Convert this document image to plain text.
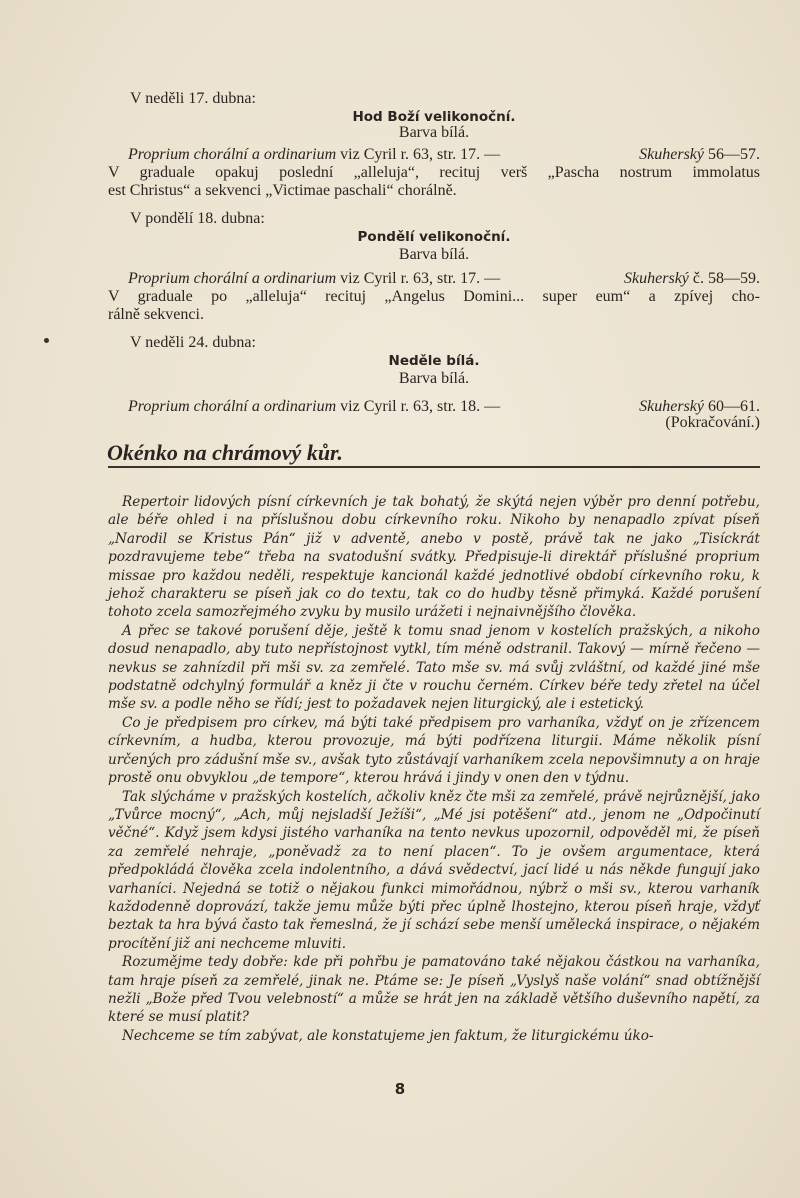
V neděli 17. dubna:
Hod Boží velikonoční.
Barva bílá.
Proprium chorální a ordinarium viz Cyril r. 63, str. 17. —	Skuherský 56—57.
V graduale opakuj poslední „alleluja“, recituj verš „Pascha nostrum immolatus
est Christus“ a sekvenci „Victimae paschali“ chorálně.
V pondělí 18. dubna:
Pondělí velikonoční.
Barva bílá.
Proprium chorální a ordinarium viz Cyril r. 63, str. 17. —	Skuherský č. 58—59.
V graduale po „alleluja“ recituj „Angelus Domini... super eum“ a zpívej cho-
rálně sekvenci.
V neděli 24. dubna:
Neděle bílá.
Barva bílá.
Proprium chorální a ordinarium viz Cyril r. 63, str. 18. —	Skuherský 60—61.
(Pokračování.)
Okénko na chrámový kůr.

Repertoir lidových písní církevních je tak bohatý, že skýtá nejen výběr pro denní potřebu, ale béře ohled i na příslušnou dobu církevního roku. Nikoho by nenapadlo zpívat píseň „Narodil se Kristus Pán“ již v adventě, anebo v postě, právě tak ne jako „Tisíckrát pozdravujeme tebe“ třeba na svatodušní svátky. Předpisuje-li direktář příslušné proprium missae pro každou neděli, respektuje kancionál každé jednotlivé období církevního roku, k jehož charakteru se píseň jak co do textu, tak co do hudby těsně přimyká. Každé porušení tohoto zcela samozřejmého zvyku by musilo urážeti i nejnaivnějšího člověka.

A přec se takové porušení děje, ještě k tomu snad jenom v kostelích pražských, a nikoho dosud nenapadlo, aby tuto nepřístojnost vytkl, tím méně odstranil. Takový — mírně řečeno — nevkus se zahnízdil při mši sv. za zemřelé. Tato mše sv. má svůj zvláštní, od každé jiné mše podstatně odchylný formulář a kněz ji čte v rouchu černém. Církev béře tedy zřetel na účel mše sv. a podle něho se řídí; jest to požadavek nejen liturgický, ale i estetický.

Co je předpisem pro církev, má býti také předpisem pro varhaníka, vždyť on je zřízencem církevním, a hudba, kterou provozuje, má býti podřízena liturgii. Máme několik písní určených pro zádušní mše sv., avšak tyto zůstávají varhaníkem zcela nepovšimnuty a on hraje prostě onu obvyklou „de tempore“, kterou hrává i jindy v onen den v týdnu.

Tak slýcháme v pražských kostelích, ačkoliv kněz čte mši za zemřelé, právě nejrůznější, jako „Tvůrce mocný“, „Ach, můj nejsladší Ježíši“, „Mé jsi potěšení“ atd., jenom ne „Odpočinutí věčné“. Když jsem kdysi jistého varhaníka na tento nevkus upozornil, odpověděl mi, že píseň za zemřelé nehraje, „poněvadž za to není placen“. To je ovšem argumentace, která předpokládá člověka zcela indolentního, a dává svědectví, jací lidé u nás někde fungují jako varhaníci. Nejedná se totiž o nějakou funkci mimořádnou, nýbrž o mši sv., kterou varhaník každodenně doprovází, takže jemu může býti přec úplně lhostejno, kterou píseň hraje, vždyť beztak ta hra bývá často tak řemeslná, že jí schází sebe menší umělecká inspirace, o nějakém procítění již ani nechceme mluviti.

Rozumějme tedy dobře: kde při pohřbu je pamatováno také nějakou částkou na varhaníka, tam hraje píseň za zemřelé, jinak ne. Ptáme se: Je píseň „Vyslyš naše volání“ snad obtížnější nežli „Bože před Tvou velebností“ a může se hrát jen na základě většího duševního napětí, za které se musí platit?

Nechceme se tím zabývat, ale konstatujeme jen faktum, že liturgickému úko-

8
